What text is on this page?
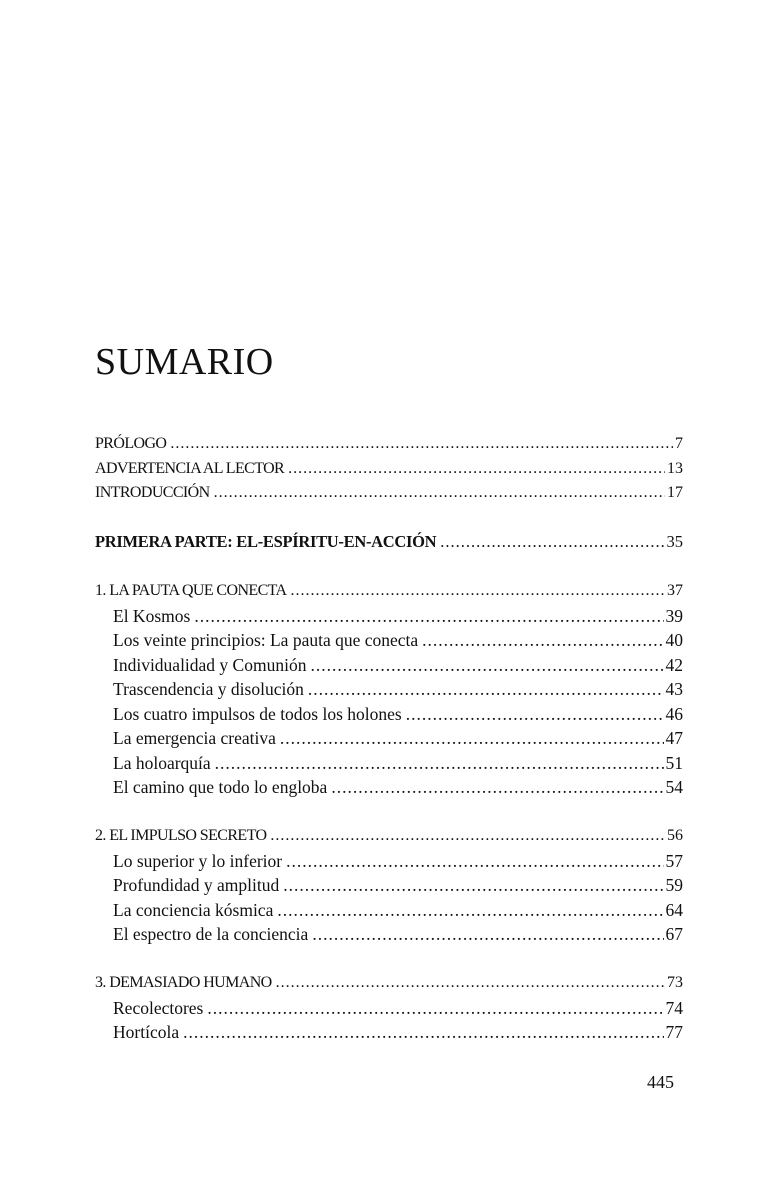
SUMARIO
PRÓLOGO .....	7
ADVERTENCIA AL LECTOR .....	13
INTRODUCCIÓN .....	17
PRIMERA PARTE: EL-ESPÍRITU-EN-ACCIÓN .....	35
1. LA PAUTA QUE CONECTA .....	37
El Kosmos .....	39
Los veinte principios: La pauta que conecta .....	40
Individualidad y Comunión .....	42
Trascendencia y disolución .....	43
Los cuatro impulsos de todos los holones .....	46
La emergencia creativa .....	47
La holoarquía .....	51
El camino que todo lo engloba .....	54
2. EL IMPULSO SECRETO .....	56
Lo superior y lo inferior .....	57
Profundidad y amplitud .....	59
La conciencia kósmica .....	64
El espectro de la conciencia .....	67
3. DEMASIADO HUMANO .....	73
Recolectores .....	74
Hortícola .....	77
445
